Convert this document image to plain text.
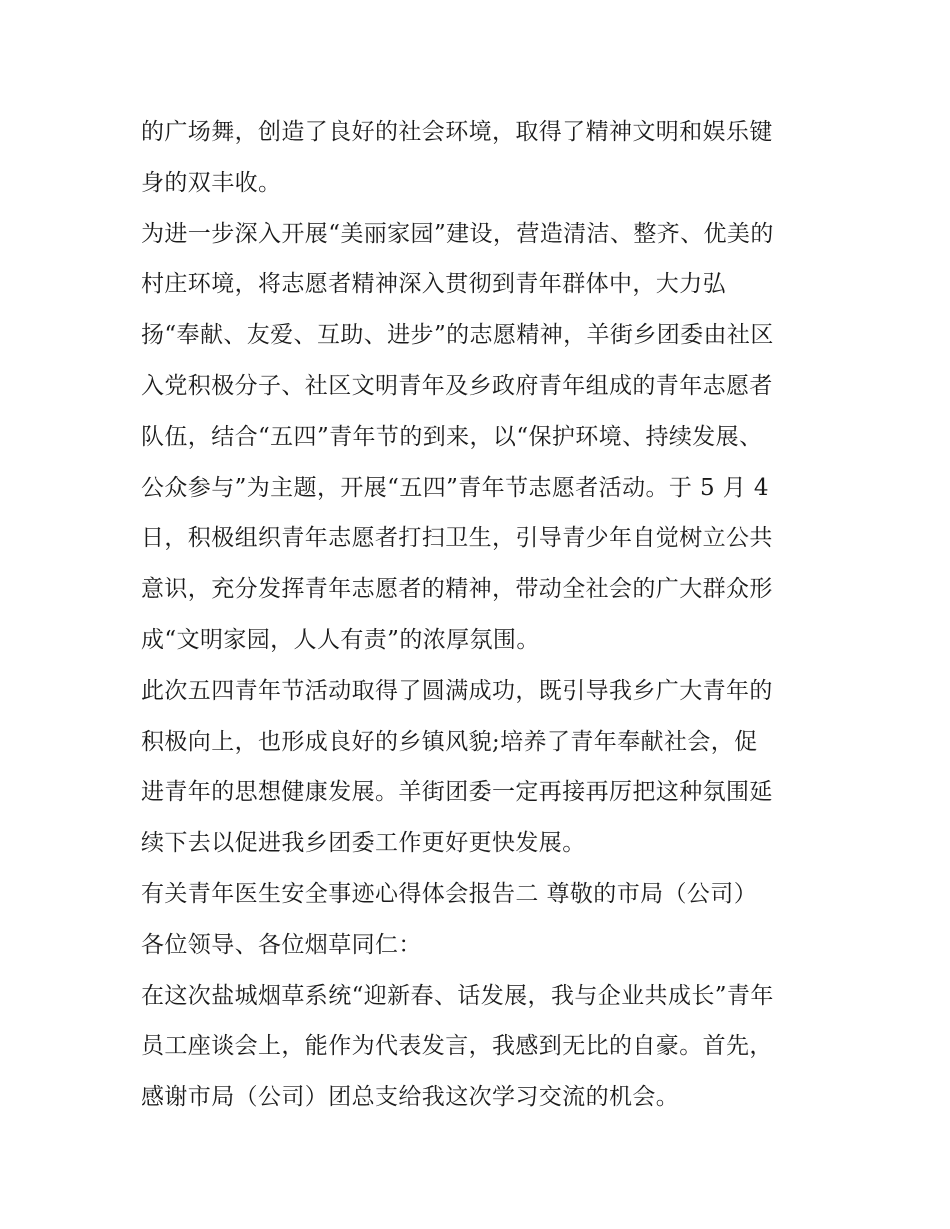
的广场舞，创造了良好的社会环境，取得了精神文明和娱乐键
身的双丰收。
为进一步深入开展“美丽家园”建设，营造清洁、整齐、优美的
村庄环境，将志愿者精神深入贯彻到青年群体中，大力弘
扬“奉献、友爱、互助、进步”的志愿精神，羊街乡团委由社区
入党积极分子、社区文明青年及乡政府青年组成的青年志愿者
队伍，结合“五四”青年节的到来，以“保护环境、持续发展、
公众参与”为主题，开展“五四”青年节志愿者活动。于 5 月 4
日，积极组织青年志愿者打扫卫生，引导青少年自觉树立公共
意识，充分发挥青年志愿者的精神，带动全社会的广大群众形
成“文明家园，人人有责”的浓厚氛围。
此次五四青年节活动取得了圆满成功，既引导我乡广大青年的
积极向上，也形成良好的乡镇风貌;培养了青年奉献社会，促
进青年的思想健康发展。羊街团委一定再接再厉把这种氛围延
续下去以促进我乡团委工作更好更快发展。
有关青年医生安全事迹心得体会报告二 尊敬的市局（公司）
各位领导、各位烟草同仁：
在这次盐城烟草系统“迎新春、话发展，我与企业共成长”青年
员工座谈会上，能作为代表发言，我感到无比的自豪。首先，
感谢市局（公司）团总支给我这次学习交流的机会。
